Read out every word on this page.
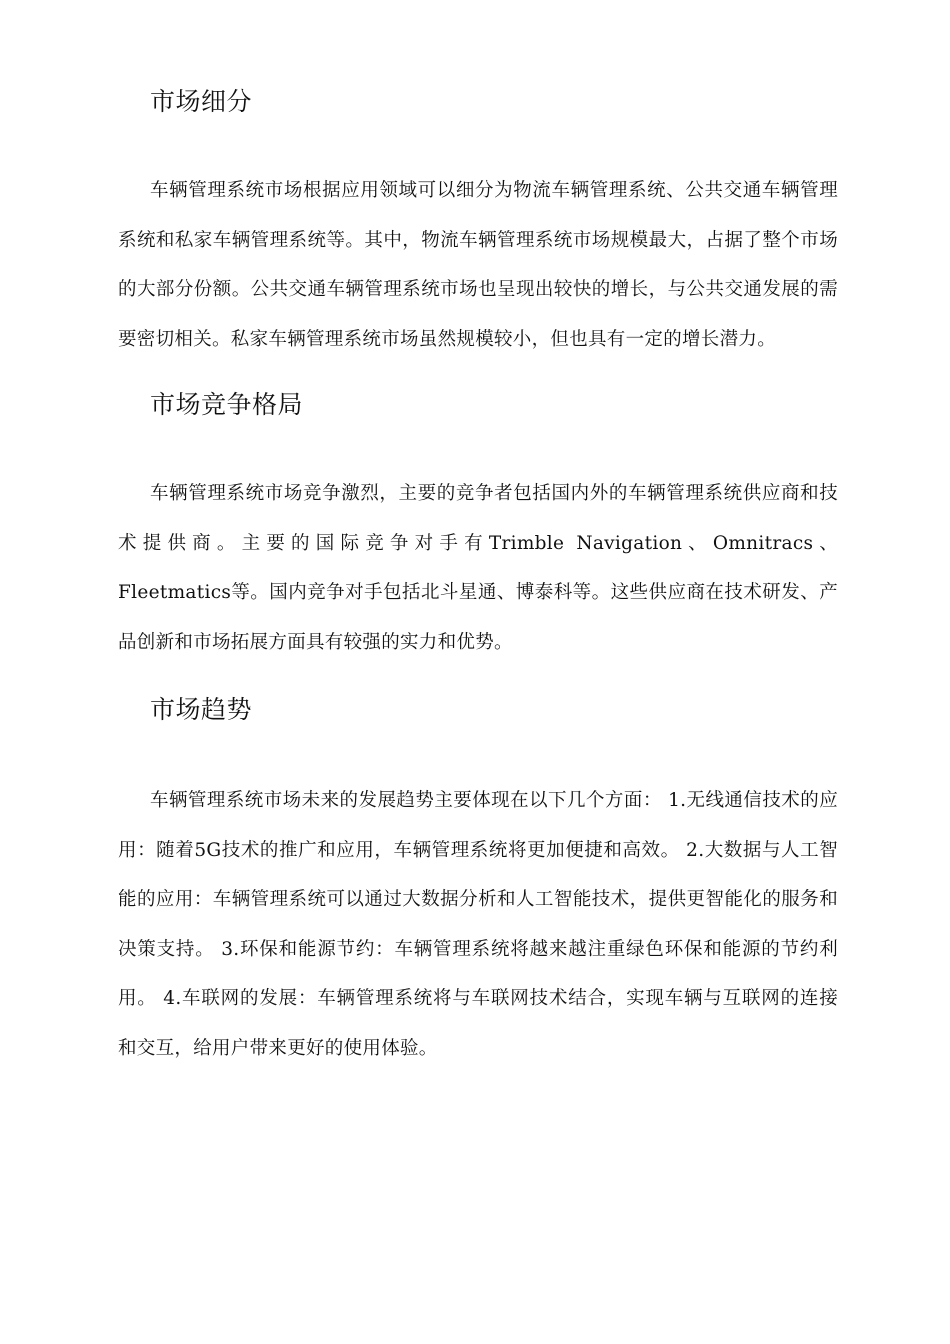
市场细分

车辆管理系统市场根据应用领域可以细分为物流车辆管理系统、公共交通车辆管理系统和私家车辆管理系统等。其中，物流车辆管理系统市场规模最大，占据了整个市场的大部分份额。公共交通车辆管理系统市场也呈现出较快的增长，与公共交通发展的需要密切相关。私家车辆管理系统市场虽然规模较小，但也具有一定的增长潜力。

市场竞争格局

车辆管理系统市场竞争激烈，主要的竞争者包括国内外的车辆管理系统供应商和技术提供商。主要的国际竞争对手有Trimble Navigation、Omnitracs、Fleetmatics等。国内竞争对手包括北斗星通、博泰科等。这些供应商在技术研发、产品创新和市场拓展方面具有较强的实力和优势。

市场趋势

车辆管理系统市场未来的发展趋势主要体现在以下几个方面： 1.无线通信技术的应用：随着5G技术的推广和应用，车辆管理系统将更加便捷和高效。 2.大数据与人工智能的应用：车辆管理系统可以通过大数据分析和人工智能技术，提供更智能化的服务和决策支持。 3.环保和能源节约：车辆管理系统将越来越注重绿色环保和能源的节约利用。 4.车联网的发展：车辆管理系统将与车联网技术结合，实现车辆与互联网的连接和交互，给用户带来更好的使用体验。
